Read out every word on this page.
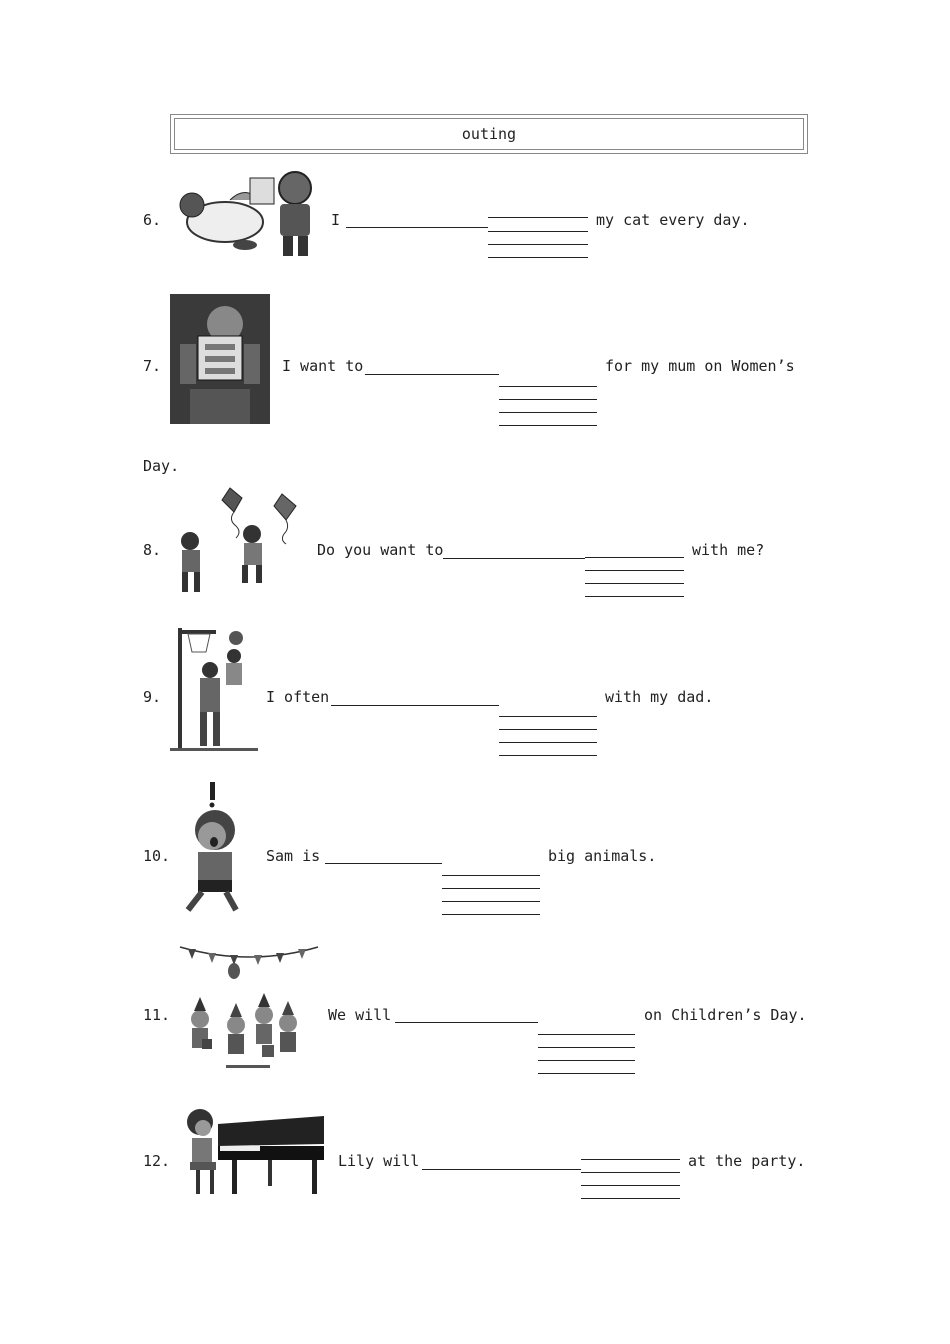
outing
6.	I	my cat every day.
7.	I want to	for my mum on Women’s
Day.
8.	Do you want to	with me?
9.	I often	with my dad.
10.	Sam is	big animals.
11.	We will	on Children’s Day.
12.	Lily will	at the party.
